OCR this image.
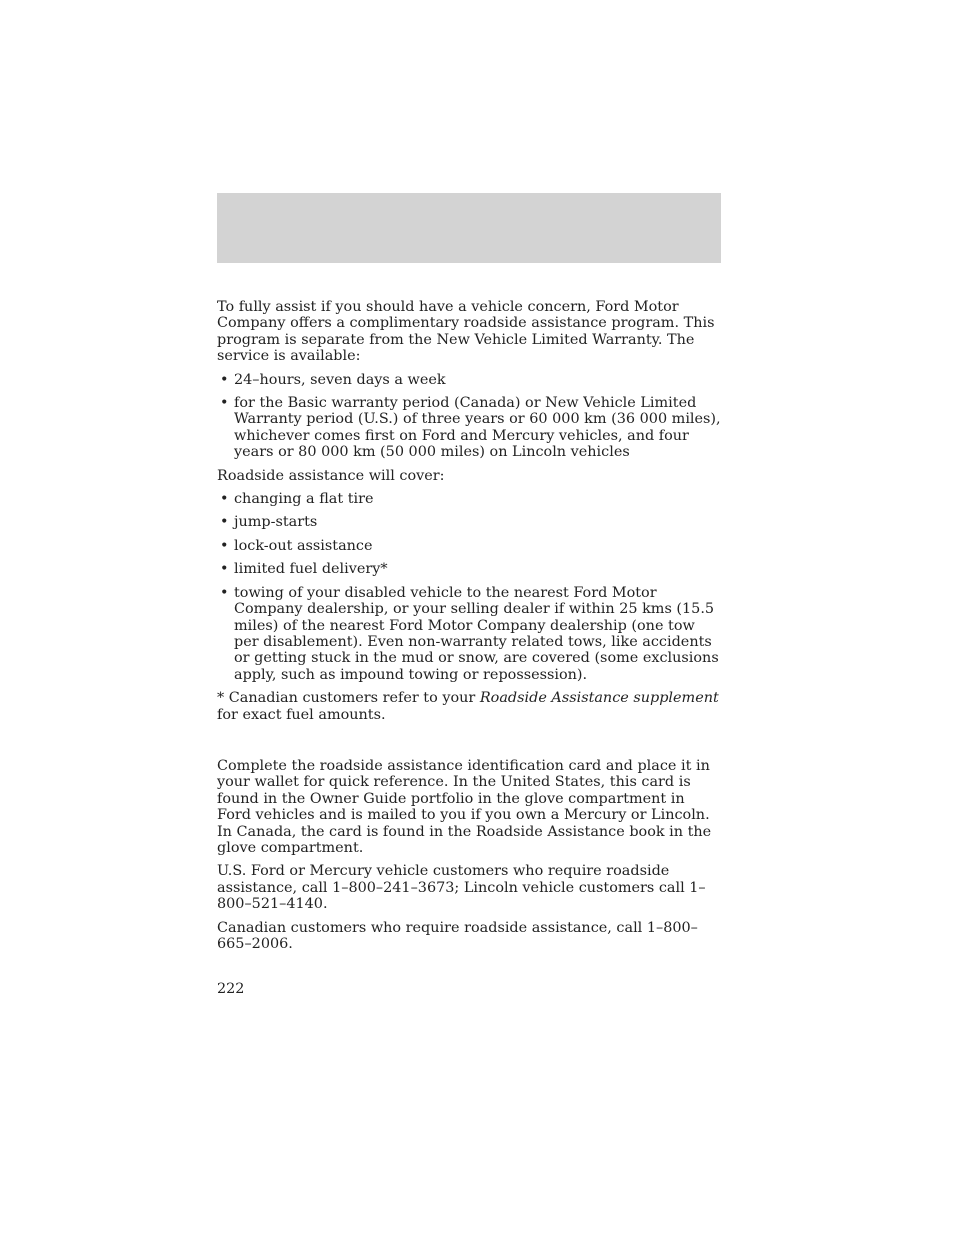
To fully assist if you should have a vehicle concern, Ford Motor Company offers a complimentary roadside assistance program. This program is separate from the New Vehicle Limited Warranty. The service is available:

• 24–hours, seven days a week
• for the Basic warranty period (Canada) or New Vehicle Limited Warranty period (U.S.) of three years or 60 000 km (36 000 miles), whichever comes first on Ford and Mercury vehicles, and four years or 80 000 km (50 000 miles) on Lincoln vehicles

Roadside assistance will cover:

• changing a flat tire
• jump-starts
• lock-out assistance
• limited fuel delivery*
• towing of your disabled vehicle to the nearest Ford Motor Company dealership, or your selling dealer if within 25 kms (15.5 miles) of the nearest Ford Motor Company dealership (one tow per disablement). Even non-warranty related tows, like accidents or getting stuck in the mud or snow, are covered (some exclusions apply, such as impound towing or repossession).

* Canadian customers refer to your Roadside Assistance supplement for exact fuel amounts.

Complete the roadside assistance identification card and place it in your wallet for quick reference. In the United States, this card is found in the Owner Guide portfolio in the glove compartment in Ford vehicles and is mailed to you if you own a Mercury or Lincoln. In Canada, the card is found in the Roadside Assistance book in the glove compartment.

U.S. Ford or Mercury vehicle customers who require roadside assistance, call 1–800–241–3673; Lincoln vehicle customers call 1–800–521–4140.

Canadian customers who require roadside assistance, call 1–800–665–2006.

222
